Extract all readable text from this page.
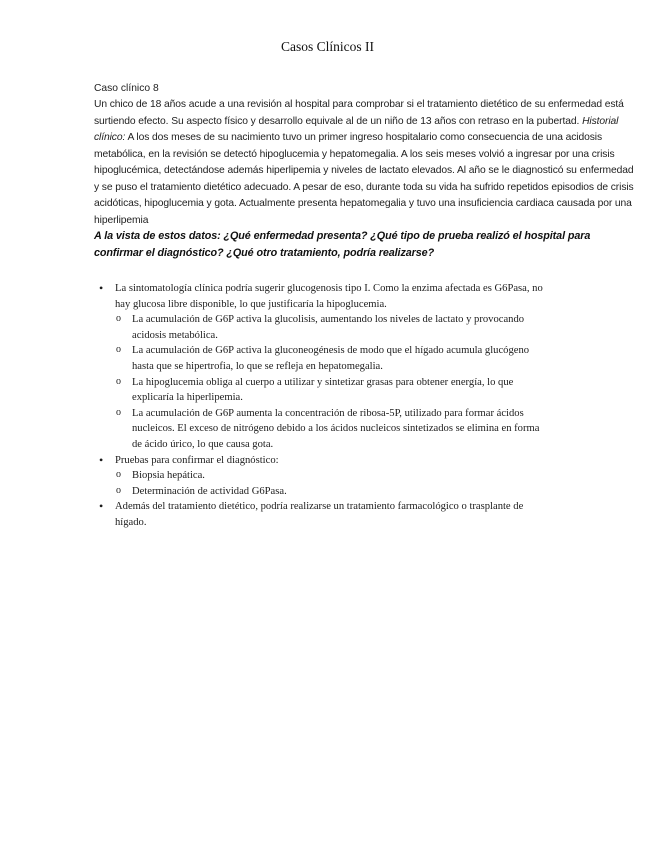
Casos Clínicos II
Caso clínico 8
Un chico de 18 años acude a una revisión al hospital para comprobar si el tratamiento dietético de su enfermedad está surtiendo efecto. Su aspecto físico y desarrollo equivale al de un niño de 13 años con retraso en la pubertad. Historial clínico: A los dos meses de su nacimiento tuvo un primer ingreso hospitalario como consecuencia de una acidosis metabólica, en la revisión se detectó hipoglucemia y hepatomegalia. A los seis meses volvió a ingresar por una crisis hipoglucémica, detectándose además hiperlipemia y niveles de lactato elevados. Al año se le diagnosticó su enfermedad y se puso el tratamiento dietético adecuado. A pesar de eso, durante toda su vida ha sufrido repetidos episodios de crisis acidóticas, hipoglucemia y gota. Actualmente presenta hepatomegalia y tuvo una insuficiencia cardiaca causada por una hiperlipemia
A la vista de estos datos: ¿Qué enfermedad presenta? ¿Qué tipo de prueba realizó el hospital para confirmar el diagnóstico? ¿Qué otro tratamiento, podría realizarse?
• La sintomatología clínica podría sugerir glucogenosis tipo I. Como la enzima afectada es G6Pasa, no hay glucosa libre disponible, lo que justificaría la hipoglucemia.
o La acumulación de G6P activa la glucolisis, aumentando los niveles de lactato y provocando acidosis metabólica.
o La acumulación de G6P activa la gluconeogénesis de modo que el hígado acumula glucógeno hasta que se hipertrofia, lo que se refleja en hepatomegalia.
o La hipoglucemia obliga al cuerpo a utilizar y sintetizar grasas para obtener energía, lo que explicaría la hiperlipemia.
o La acumulación de G6P aumenta la concentración de ribosa-5P, utilizado para formar ácidos nucleicos. El exceso de nitrógeno debido a los ácidos nucleicos sintetizados se elimina en forma de ácido úrico, lo que causa gota.
• Pruebas para confirmar el diagnóstico:
o Biopsia hepática.
o Determinación de actividad G6Pasa.
• Además del tratamiento dietético, podría realizarse un tratamiento farmacológico o trasplante de hígado.
